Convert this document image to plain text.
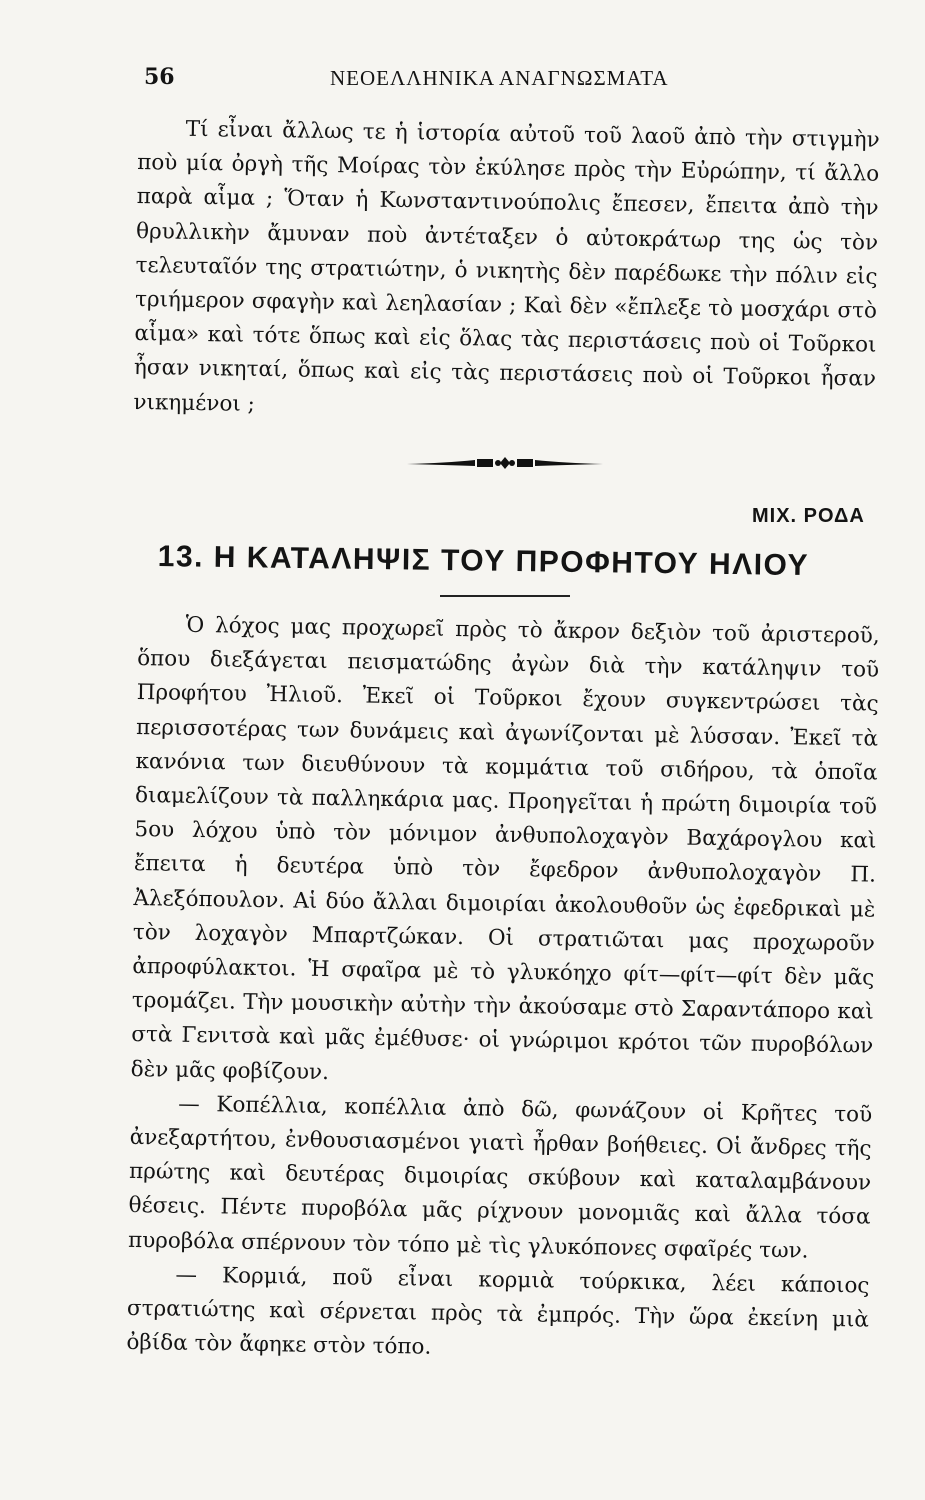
56	ΝΕΟΕΛΛΗΝΙΚΑ ΑΝΑΓΝΩΣΜΑΤΑ

Τί εἶναι ἄλλως τε ἡ ἱστορία αὐτοῦ τοῦ λαοῦ ἀπὸ τὴν στιγμὴν ποὺ μία ὀργὴ τῆς Μοίρας τὸν ἐκύλησε πρὸς τὴν Εὐρώπην, τί ἄλλο παρὰ αἷμα ; Ὅταν ἡ Κωνσταντινούπολις ἔπεσεν, ἔπειτα ἀπὸ τὴν θρυλλικὴν ἄμυναν ποὺ ἀντέταξεν ὁ αὐτοκράτωρ της ὡς τὸν τελευταῖόν της στρατιώτην, ὁ νικητὴς δὲν παρέδωκε τὴν πόλιν εἰς τριήμερον σφαγὴν καὶ λεηλασίαν ; Καὶ δὲν «ἔπλεξε τὸ μοσχάρι στὸ αἷμα» καὶ τότε ὅπως καὶ εἰς ὅλας τὰς περιστάσεις ποὺ οἱ Τοῦρκοι ἦσαν νικηταί, ὅπως καὶ εἰς τὰς περιστάσεις ποὺ οἱ Τοῦρκοι ἦσαν νικημένοι ;

ΜΙΧ. ΡΟΔΑ
13. Η ΚΑΤΑΛΗΨΙΣ ΤΟΥ ΠΡΟΦΗΤΟΥ ΗΛΙΟΥ

Ὁ λόχος μας προχωρεῖ πρὸς τὸ ἄκρον δεξιὸν τοῦ ἀριστεροῦ, ὅπου διεξάγεται πεισματώδης ἀγὼν διὰ τὴν κατάληψιν τοῦ Προφήτου Ἠλιοῦ. Ἐκεῖ οἱ Τοῦρκοι ἔχουν συγκεντρώσει τὰς περισσοτέρας των δυνάμεις καὶ ἀγωνίζονται μὲ λύσσαν. Ἐκεῖ τὰ κανόνια των διευθύνουν τὰ κομμάτια τοῦ σιδήρου, τὰ ὁποῖα διαμελίζουν τὰ παλληκάρια μας. Προηγεῖται ἡ πρώτη διμοιρία τοῦ 5ου λόχου ὑπὸ τὸν μόνιμον ἀνθυπολοχαγὸν Βαχάρογλου καὶ ἔπειτα ἡ δευτέρα ὑπὸ τὸν ἔφεδρον ἀνθυπολοχαγὸν Π. Ἀλεξόπουλον. Αἱ δύο ἄλλαι διμοιρίαι ἀκολουθοῦν ὡς ἐφεδρικαὶ μὲ τὸν λοχαγὸν Μπαρτζώκαν. Οἱ στρατιῶται μας προχωροῦν ἀπροφύλακτοι. Ἡ σφαῖρα μὲ τὸ γλυκόηχο φίτ—φίτ—φίτ δὲν μᾶς τρομάζει. Τὴν μουσικὴν αὐτὴν τὴν ἀκούσαμε στὸ Σαραντάπορο καὶ στὰ Γενιτσὰ καὶ μᾶς ἐμέθυσε· οἱ γνώριμοι κρότοι τῶν πυροβόλων δὲν μᾶς φοβίζουν.

— Κοπέλλια, κοπέλλια ἀπὸ δῶ, φωνάζουν οἱ Κρῆτες τοῦ ἀνεξαρτήτου, ἐνθουσιασμένοι γιατὶ ἦρθαν βοήθειες. Οἱ ἄνδρες τῆς πρώτης καὶ δευτέρας διμοιρίας σκύβουν καὶ καταλαμβάνουν θέσεις. Πέντε πυροβόλα μᾶς ρίχνουν μονομιᾶς καὶ ἄλλα τόσα πυροβόλα σπέρνουν τὸν τόπο μὲ τὶς γλυκόπονες σφαῖρές των.

— Κορμιά, ποῦ εἶναι κορμιὰ τούρκικα, λέει κάποιος στρατιώτης καὶ σέρνεται πρὸς τὰ ἐμπρός. Τὴν ὥρα ἐκείνη μιὰ ὀβίδα τὸν ἄφηκε στὸν τόπο.
